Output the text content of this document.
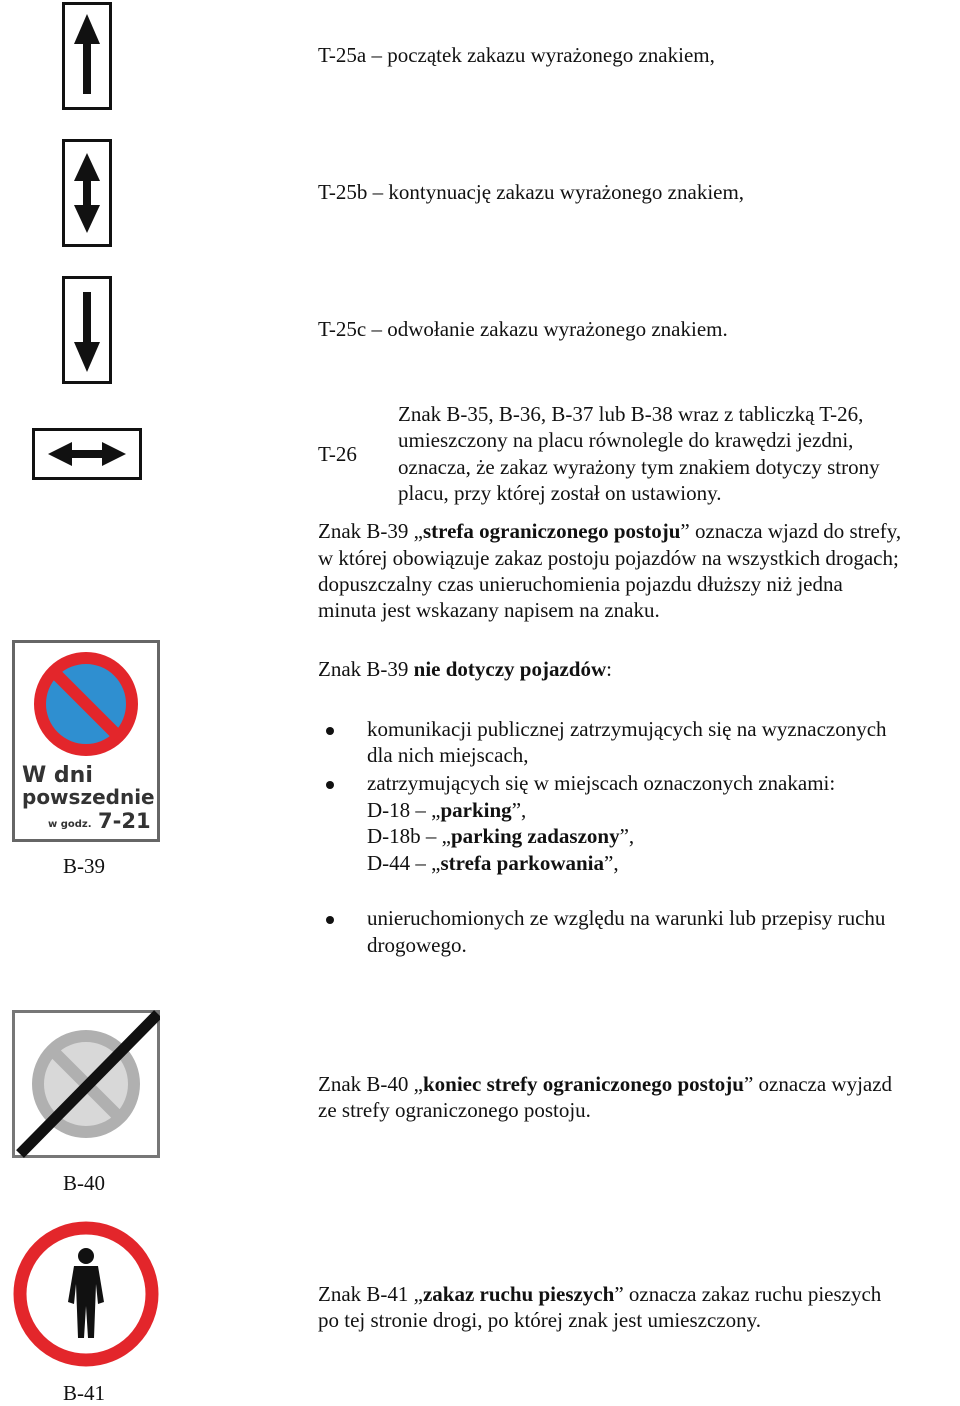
T-25a – początek zakazu wyrażonego znakiem,
T-25b – kontynuację zakazu wyrażonego znakiem,
T-25c – odwołanie zakazu wyrażonego znakiem.
T-26
Znak B-35, B-36, B-37 lub B-38 wraz z tabliczką T-26,
umieszczony na placu równolegle do krawędzi jezdni,
oznacza, że zakaz wyrażony tym znakiem dotyczy strony
placu, przy której został on ustawiony.
Znak B-39 „strefa ograniczonego postoju” oznacza wjazd do strefy,
w której obowiązuje zakaz postoju pojazdów na wszystkich drogach;
dopuszczalny czas unieruchomienia pojazdu dłuższy niż jedna
minuta jest wskazany napisem na znaku.
W dni
powszednie
w godz. 7-21
B-39
Znak B-39 nie dotyczy pojazdów:
komunikacji publicznej zatrzymujących się na wyznaczonych
dla nich miejscach,
zatrzymujących się w miejscach oznaczonych znakami:
D-18 – „parking”,
D-18b – „parking zadaszony”,
D-44 – „strefa parkowania”,
unieruchomionych ze względu na warunki lub przepisy ruchu
drogowego.
B-40
Znak B-40 „koniec strefy ograniczonego postoju” oznacza wyjazd
ze strefy ograniczonego postoju.
B-41
Znak B-41 „zakaz ruchu pieszych” oznacza zakaz ruchu pieszych
po tej stronie drogi, po której znak jest umieszczony.
